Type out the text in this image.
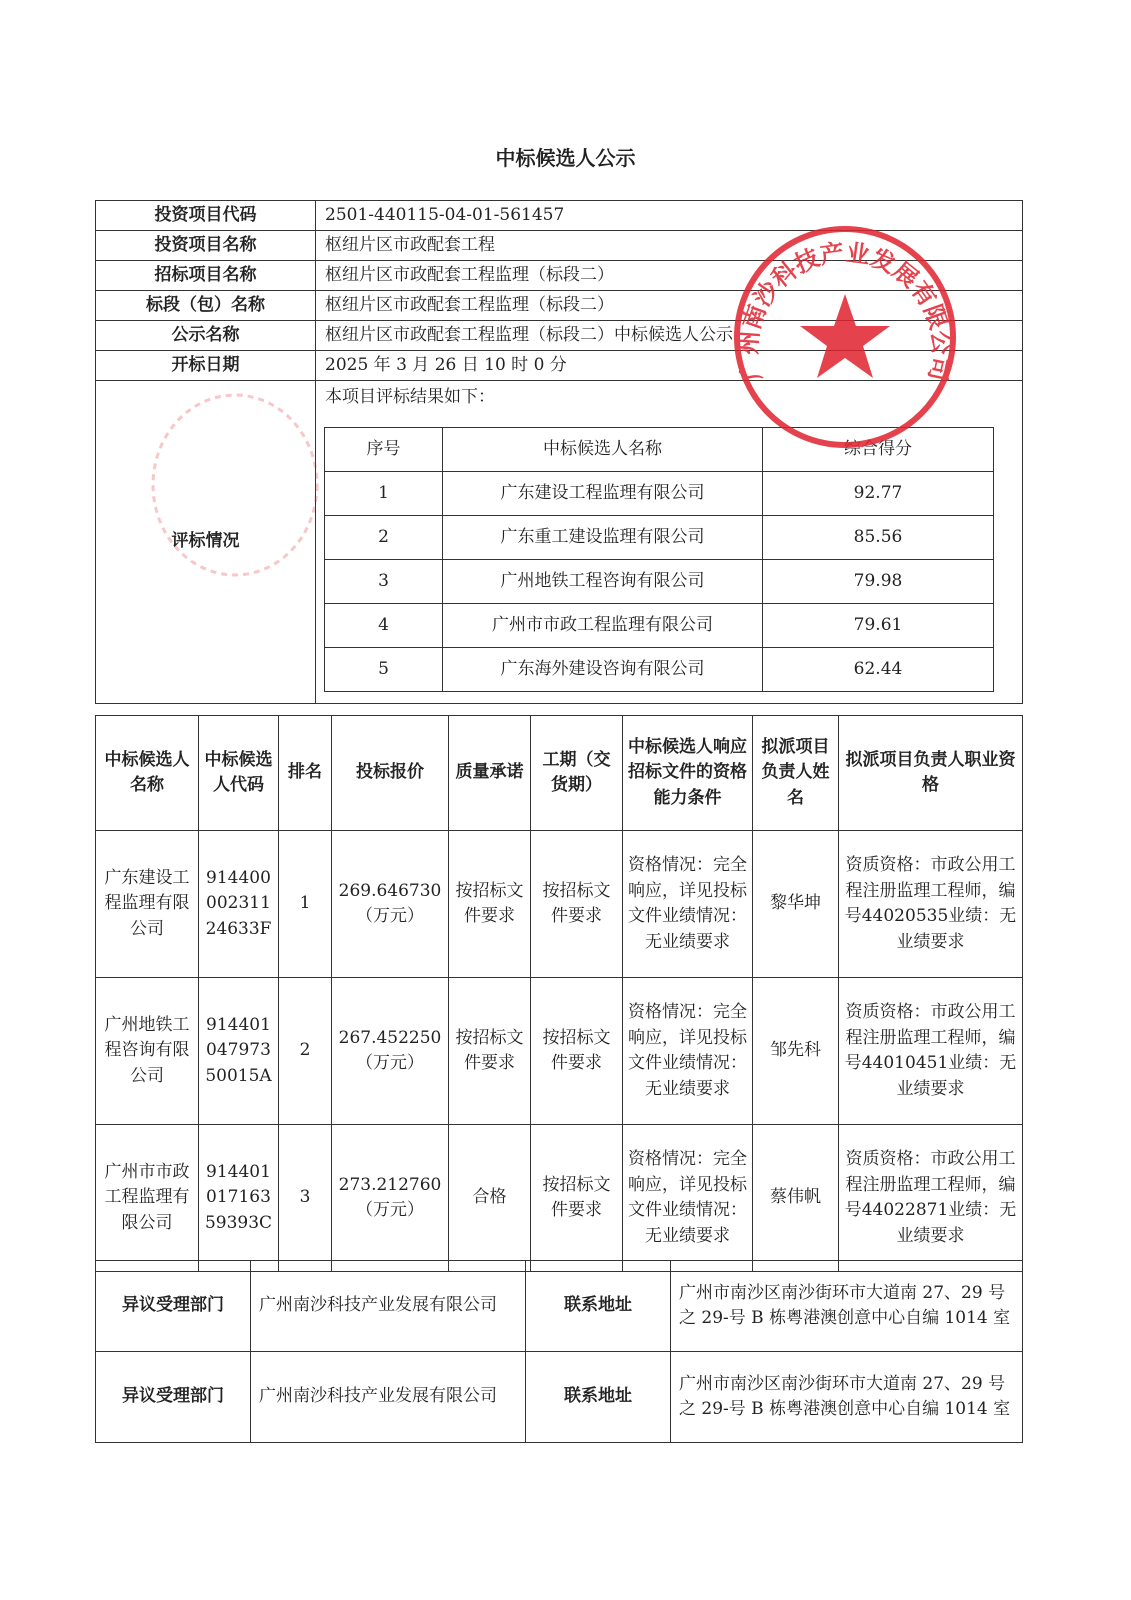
中标候选人公示
投资项目代码	2501-440115-04-01-561457
投资项目名称	枢纽片区市政配套工程
招标项目名称	枢纽片区市政配套工程监理（标段二）
标段（包）名称	枢纽片区市政配套工程监理（标段二）
公示名称	枢纽片区市政配套工程监理（标段二）中标候选人公示
开标日期	2025 年 3 月 26 日 10 时 0 分
评标情况	
本项目评标结果如下：
序号	中标候选人名称	综合得分
1	广东建设工程监理有限公司	92.77
2	广东重工建设监理有限公司	85.56
3	广州地铁工程咨询有限公司	79.98
4	广州市市政工程监理有限公司	79.61
5	广东海外建设咨询有限公司	62.44
中标候选人名称	中标候选人代码	排名	投标报价	质量承诺	工期（交货期）	中标候选人响应招标文件的资格能力条件	拟派项目负责人姓名	拟派项目负责人职业资格
广东建设工程监理有限公司	91440000231124633F	1	269.646730（万元）	按招标文件要求	按招标文件要求	资格情况：完全响应，详见投标文件业绩情况：无业绩要求	黎华坤	资质资格：市政公用工程注册监理工程师，编号44020535业绩：无业绩要求
广州地铁工程咨询有限公司	91440104797350015A	2	267.452250（万元）	按招标文件要求	按招标文件要求	资格情况：完全响应，详见投标文件业绩情况：无业绩要求	邹先科	资质资格：市政公用工程注册监理工程师，编号44010451业绩：无业绩要求
广州市市政工程监理有限公司	91440101716359393C	3	273.212760（万元）	合格	按招标文件要求	资格情况：完全响应，详见投标文件业绩情况：无业绩要求	蔡伟帆	资质资格：市政公用工程注册监理工程师，编号44022871业绩：无业绩要求
异议受理部门	广州南沙科技产业发展有限公司	联系地址	广州市南沙区南沙街环市大道南 27、29 号之 29-号 B 栋粤港澳创意中心自编 1014 室
异议受理部门	广州南沙科技产业发展有限公司	联系地址	广州市南沙区南沙街环市大道南 27、29 号之 29-号 B 栋粤港澳创意中心自编 1014 室
广州南沙科技产业发展有限公司
